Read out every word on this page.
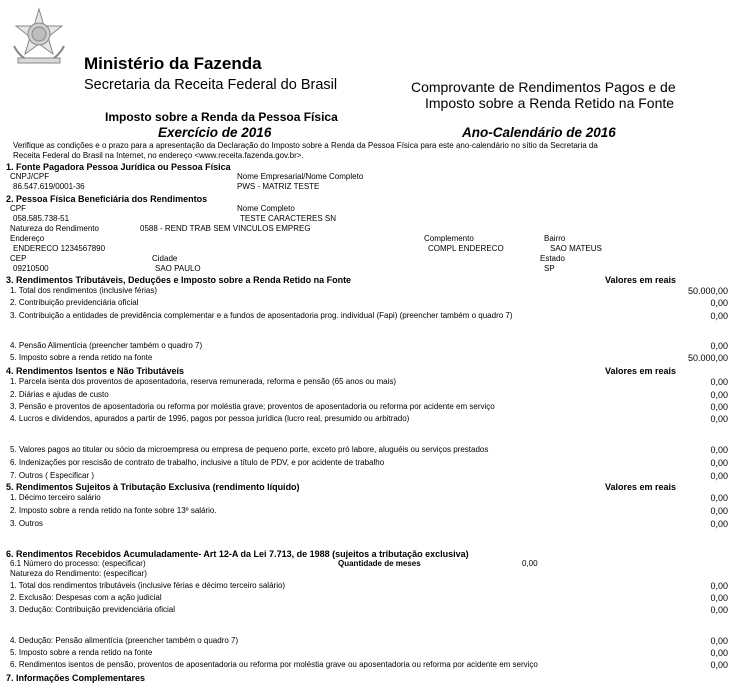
Ministério da Fazenda
Secretaria da Receita Federal do Brasil	Comprovante de Rendimentos Pagos e de
Imposto sobre a Renda Retido na Fonte
Imposto sobre a Renda da Pessoa Física
Exercício de 2016	Ano-Calendário de 2016
Verifique as condições e o prazo para a apresentação da Declaração do Imposto sobre a Renda da Pessoa Física para este ano-calendário no sítio da Secretaria da
Receita Federal do Brasil na Internet, no endereço <www.receita.fazenda.gov.br>.
1. Fonte Pagadora Pessoa Jurídica ou Pessoa Física
CNPJ/CPF	Nome Empresarial/Nome Completo
86.547.619/0001-36	PWS - MATRIZ TESTE
2. Pessoa Física Beneficiária dos Rendimentos
CPF	Nome Completo
058.585.738-51	TESTE CARACTERES SN
Natureza do Rendimento	0588 - REND TRAB SEM VINCULOS EMPREG
Endereço	Complemento	Bairro
ENDERECO 1234567890	COMPL ENDERECO	SAO MATEUS
CEP	Cidade	Estado
09210500	SAO PAULO	SP
3. Rendimentos Tributáveis, Deduções e Imposto sobre a Renda Retido na Fonte	Valores em reais
1. Total dos rendimentos (inclusive férias)	50.000,00
2. Contribuição previdenciária oficial	0,00
3. Contribuição a entidades de previdência complementar e a fundos de aposentadoria prog. individual (Fapi) (preencher também o quadro 7)	0,00
4. Pensão Alimentícia (preencher também o quadro 7)	0,00
5. Imposto sobre a renda retido na fonte	50.000,00
4. Rendimentos Isentos e Não Tributáveis	Valores em reais
1. Parcela isenta dos proventos de aposentadoria, reserva remunerada, reforma e pensão (65 anos ou mais)	0,00
2. Diárias e ajudas de custo	0,00
3. Pensão e proventos de aposentadoria ou reforma por moléstia grave; proventos de aposentadoria ou reforma por acidente em serviço	0,00
4. Lucros e dividendos, apurados a partir de 1996, pagos por pessoa jurídica (lucro real, presumido ou arbitrado)	0,00
5. Valores pagos ao titular ou sócio da microempresa ou empresa de pequeno porte, exceto pró labore, aluguéis ou serviços prestados	0,00
6. Indenizações por rescisão de contrato de trabalho, inclusive a título de PDV, e por acidente de trabalho	0,00
7. Outros ( Especificar )	0,00
5. Rendimentos Sujeitos à Tributação Exclusiva (rendimento líquido)	Valores em reais
1. Décimo terceiro salário	0,00
2. Imposto sobre a renda retido na fonte sobre 13º salário.	0,00
3. Outros	0,00
6. Rendimentos Recebidos Acumuladamente- Art 12-A da Lei 7.713, de 1988 (sujeitos a tributação exclusiva)
6.1 Número do processo: (especificar)	Quantidade de meses	0,00
Natureza do Rendimento: (especificar)
1. Total dos rendimentos tributáveis (inclusive férias e décimo terceiro salário)	0,00
2. Exclusão: Despesas com a ação judicial	0,00
3. Dedução: Contribuição previdenciária oficial	0,00
4. Dedução: Pensão alimentícia (preencher também o quadro 7)	0,00
5. Imposto sobre a renda retido na fonte	0,00
6. Rendimentos isentos de pensão, proventos de aposentadoria ou reforma por moléstia grave ou aposentadoria ou reforma por acidente em serviço	0,00
7. Informações Complementares
